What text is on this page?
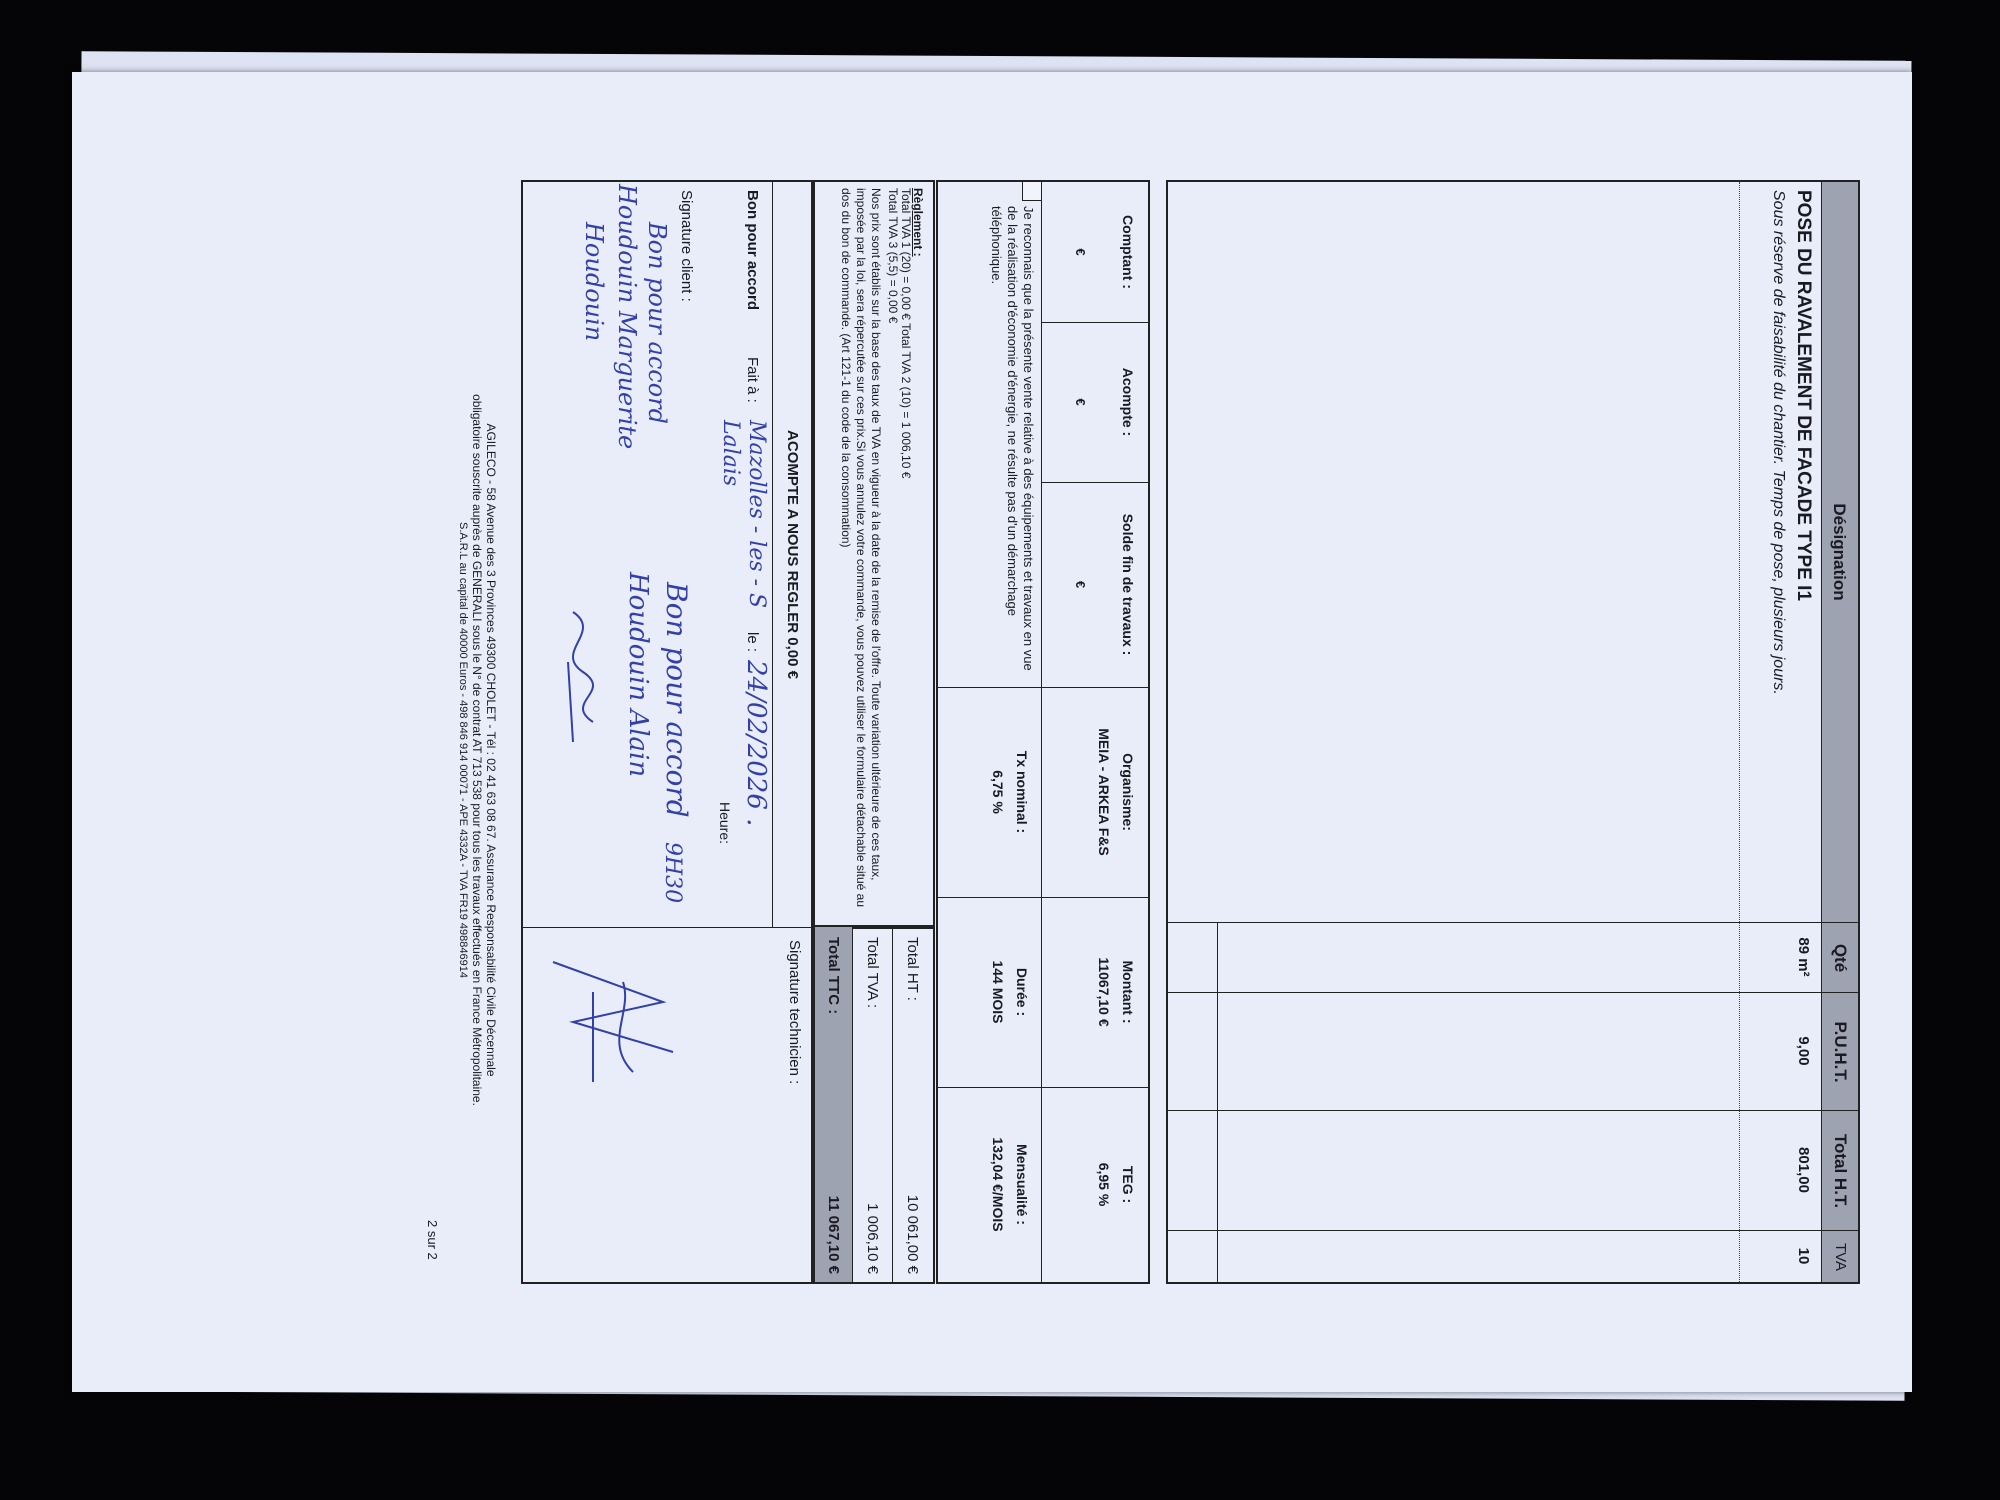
Désignation
Qté
P.U.H.T.
Total H.T.
TVA
POSE DU RAVALEMENT DE FACADE TYPE I1
Sous réserve de faisabilité du chantier. Temps de pose, plusieurs jours.
89 m²
9,00
801,00
10
Comptant :
€
Acompte :
€
Solde fin de travaux :
€
Organisme:
MEIA - ARKEA F&S
Montant :
11067,10 €
TEG :
6,95 %
Je reconnais que la présente vente relative à des équipements et travaux en vue de la réalisation d'économie d'énergie, ne résulte pas d'un démarchage téléphonique.
Tx nominal :
6,75 %
Durée :
144 MOIS
Mensualité :
132,04 €/MOIS
Règlement :
Total TVA 1 (20) = 0,00 € Total TVA 2 (10) = 1 006,10 €
Total TVA 3 (5,5) = 0,00 €
Nos prix sont établis sur la base des taux de TVA en vigueur à la date de la remise de l'offre. Toute variation ultérieure de ces taux, imposée par la loi, sera répercutée sur ces prix.Si vous annulez votre commande, vous pouvez utiliser le formulaire détachable situé au dos du bon de commande. (Art 121-1 du code de la consommation)
Total HT :
10 061,00 €
Total TVA :
1 006,10 €
Total TTC :
11 067,10 €
ACOMPTE A NOUS REGLER 0,00 €
Bon pour accord
Fait à :
Mazolles - les - S Lalais
le :
24/02/2026 .
Heure:
9H30
Signature client :
Bon pour accord
Houdouin Marguerite
Houdouin
Bon pour accord
Houdouin Alain
Signature technicien :
AGILECO - 58 Avenue des 3 Provinces 49300 CHOLET - Tél : 02 41 63 08 67. Assurance Responsabilité Civile Décennale
obligatoire souscrite auprès de GENERALI sous le N° de contrat AT 713 538 pour tous les travaux effectués en France Métropolitaine.
S.A.R.L au capital de 40000 Euros - 498 846 914 00071 - APE 4332A - TVA FR19 498846914
2 sur 2
